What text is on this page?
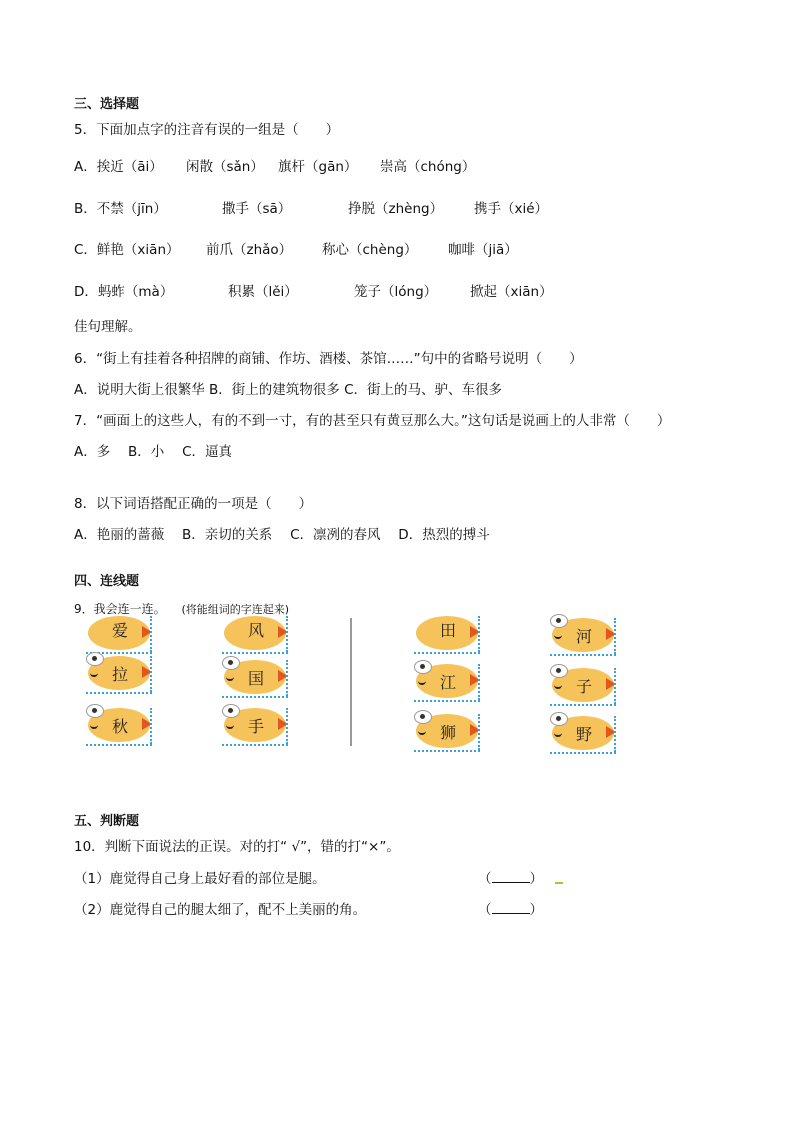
三、选择题
5．下面加点字的注音有误的一组是（　　）
A．挨近（āi） 闲散（sǎn） 旗杆（gān） 崇高（chóng）
B．不禁（jīn）	撒手（sā）	挣脱（zhèng） 携手（xié）
C．鲜艳（xiān） 前爪（zhǎo） 称心（chèng） 咖啡（jiā）
D．蚂蚱（mà）	积累（lěi）	笼子（lóng） 掀起（xiān）
佳句理解。
6．“街上有挂着各种招牌的商铺、作坊、酒楼、茶馆……”句中的省略号说明（　　）
A．说明大街上很繁华 B．街上的建筑物很多 C．街上的马、驴、车很多
7．“画面上的这些人，有的不到一寸，有的甚至只有黄豆那么大。”这句话是说画上的人非常（　　）
A．多　 B．小　 C．逼真
8．以下词语搭配正确的一项是（　　）
A．艳丽的蔷薇　 B．亲切的关系　 C．凛冽的春风　 D．热烈的搏斗
四、连线题
9．我会连一连。 (将能组词的字连起来)
爱
拉
秋
风
国
手
田
江
狮
河
子
野
五、判断题
10．判断下面说法的正误。对的打“ √”，错的打“×”。
（1）鹿觉得自己身上最好看的部位是腿。	（	）
（2）鹿觉得自己的腿太细了，配不上美丽的角。	（	）
